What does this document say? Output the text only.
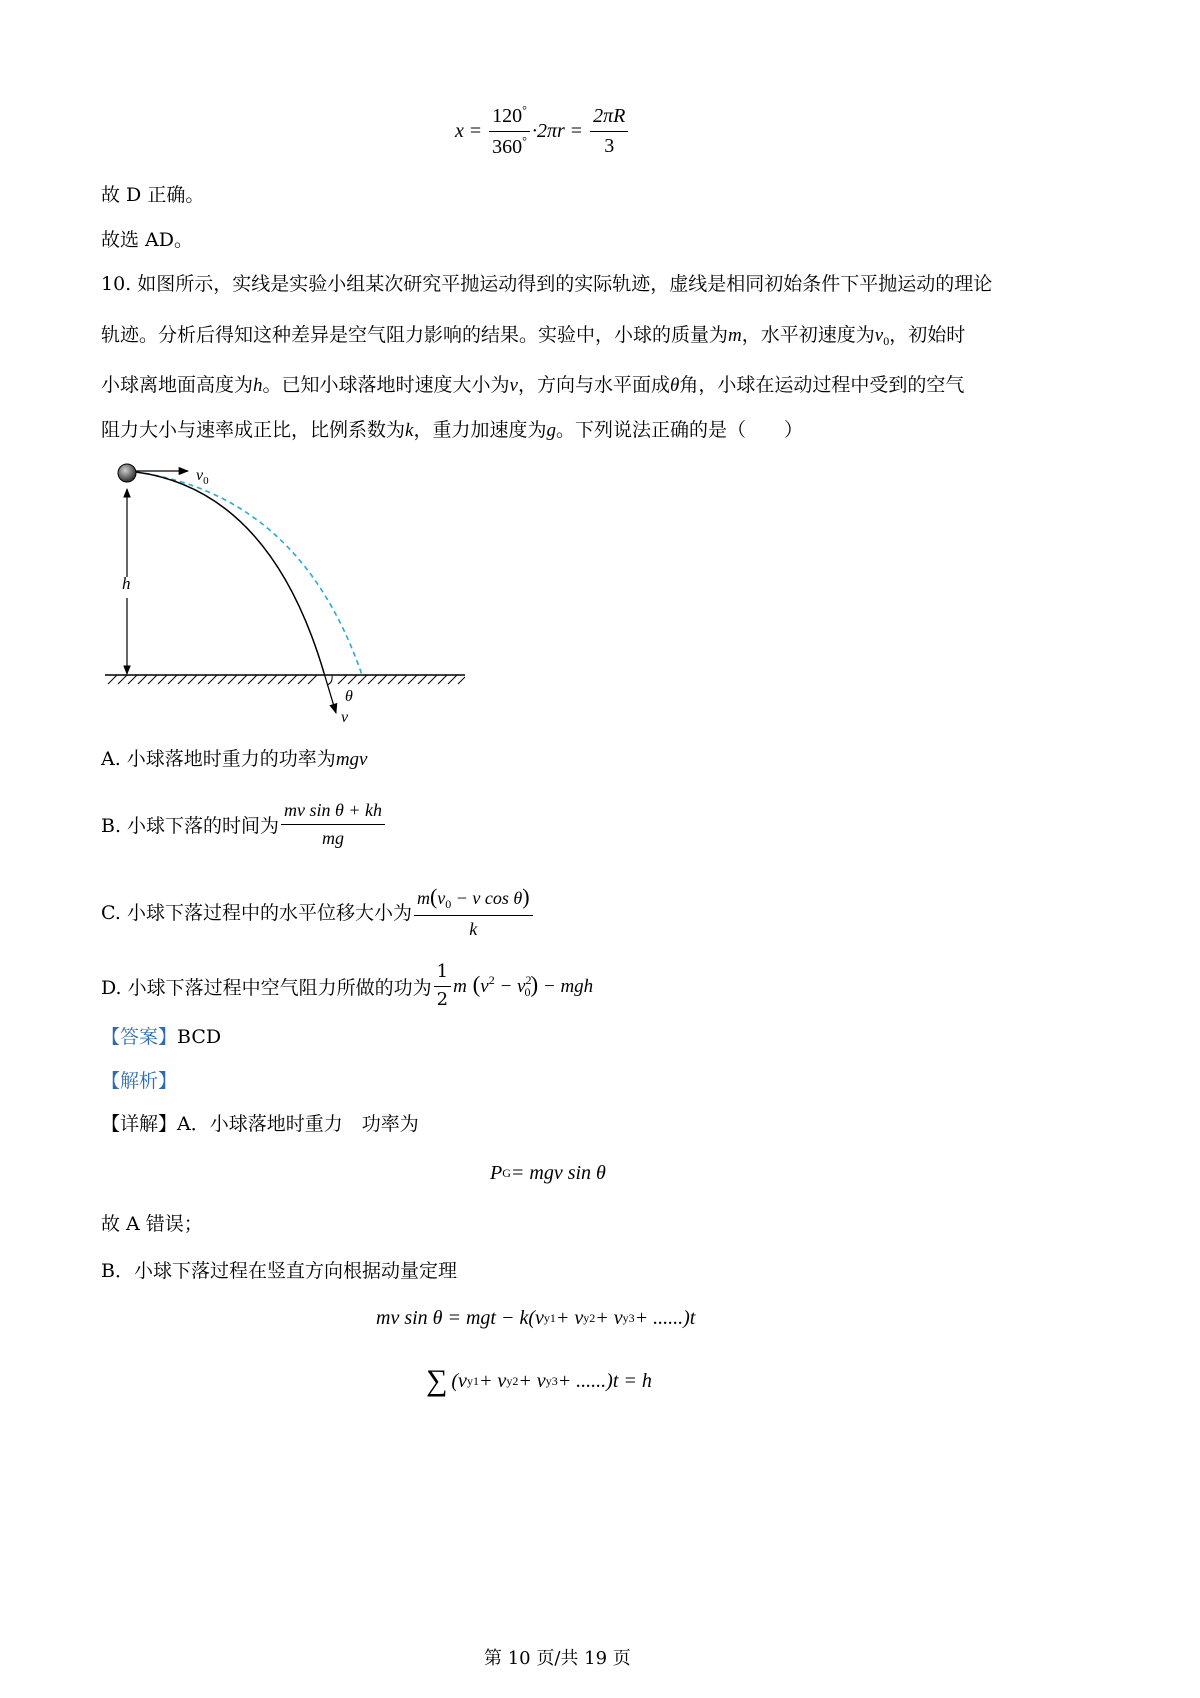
$x = \frac{120^\circ}{360^\circ} \cdot 2\pi r = \frac{2\pi R}{3}$
故 D 正确。
故选 AD。
10. 如图所示，实线是实验小组某次研究平抛运动得到的实际轨迹，虚线是相同初始条件下平抛运动的理论
轨迹。分析后得知这种差异是空气阻力影响的结果。实验中，小球的质量为m，水平初速度为$v_0$，初始时
小球离地面高度为h。已知小球落地时速度大小为v，方向与水平面成θ角，小球在运动过程中受到的空气
阻力大小与速率成正比，比例系数为k，重力加速度为g。下列说法正确的是（　　）
$v_0$
h
θ
v
A. 小球落地时重力的功率为mgv
B. 小球下落的时间为 $\frac{\text{mv sin θ + kh}}{mg}$
C. 小球下落过程中的水平位移大小为 $\frac{m(v_0 - v \cos \theta)}{k}$
D. 小球下落过程中空气阻力所做的功为 $\frac{1}{2}$ m $(v^2 - v^2_0)$ − mgh
【答案】BCD
【解析】
【详解】A．小球落地时重力　功率为
P G = mgv sin θ
故 A 错误；
B．小球下落过程在竖直方向根据动量定理
mv sin θ = mgt − k(v y1 + v y2 + v y3 + ......)t
∑ (v y1 + v y2 + v y3 + ......)t = h
第 10 页/共 19 页
